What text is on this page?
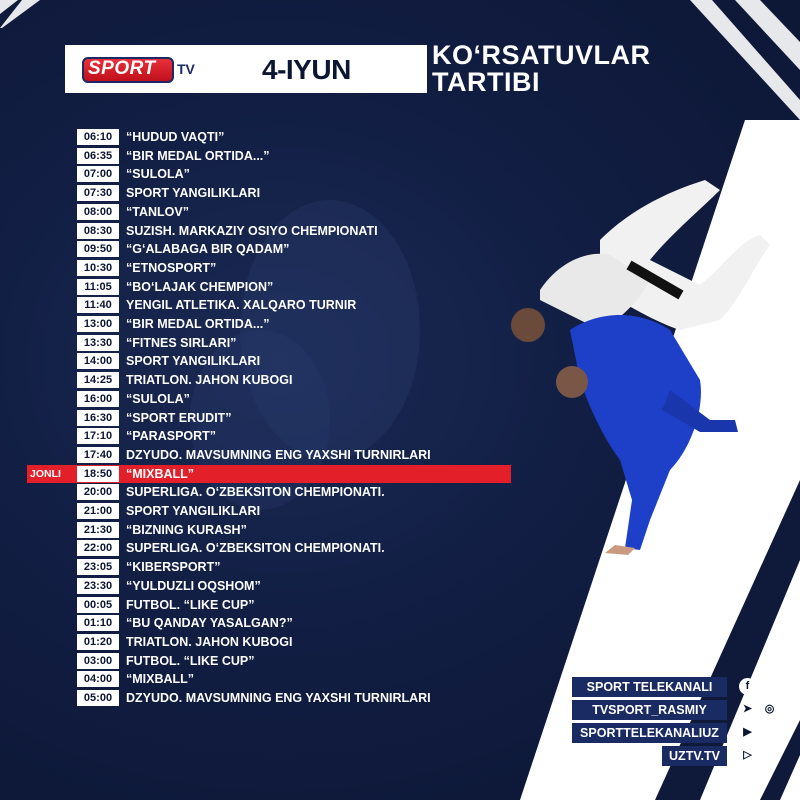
SPORT TV 4-IYUN	KO‘RSATUVLAR
TARTIBI
06:10	“HUDUD VAQTI”
06:35	“BIR MEDAL ORTIDA...”
07:00	“SULOLA”
07:30	SPORT YANGILIKLARI
08:00	“TANLOV”
08:30	SUZISH. MARKAZIY OSIYO CHEMPIONATI
09:50	“G‘ALABAGA BIR QADAM”
10:30	“ETNOSPORT”
11:05	“BO‘LAJAK CHEMPION”
11:40	YENGIL ATLETIKA. XALQARO TURNIR
13:00	“BIR MEDAL ORTIDA...”
13:30	“FITNES SIRLARI”
14:00	SPORT YANGILIKLARI
14:25	TRIATLON. JAHON KUBOGI
16:00	“SULOLA”
16:30	“SPORT ERUDIT”
17:10	“PARASPORT”
17:40	DZYUDO. MAVSUMNING ENG YAXSHI TURNIRLARI
JONLI	18:50	“MIXBALL”
20:00	SUPERLIGA. O‘ZBEKSITON CHEMPIONATI.
21:00	SPORT YANGILIKLARI
21:30	“BIZNING KURASH”
22:00	SUPERLIGA. O‘ZBEKSITON CHEMPIONATI.
23:05	“KIBERSPORT”
23:30	“YULDUZLI OQSHOM”
00:05	FUTBOL. “LIKE CUP”
01:10	“BU QANDAY YASALGAN?”
01:20	TRIATLON. JAHON KUBOGI
03:00	FUTBOL. “LIKE CUP”
04:00	“MIXBALL”
05:00	DZYUDO. MAVSUMNING ENG YAXSHI TURNIRLARI
SPORT TELEKANALI	f
TVSPORT_RASMIY	➤	◎
SPORTTELEKANALIUZ	▶
UZTV.TV	▷
